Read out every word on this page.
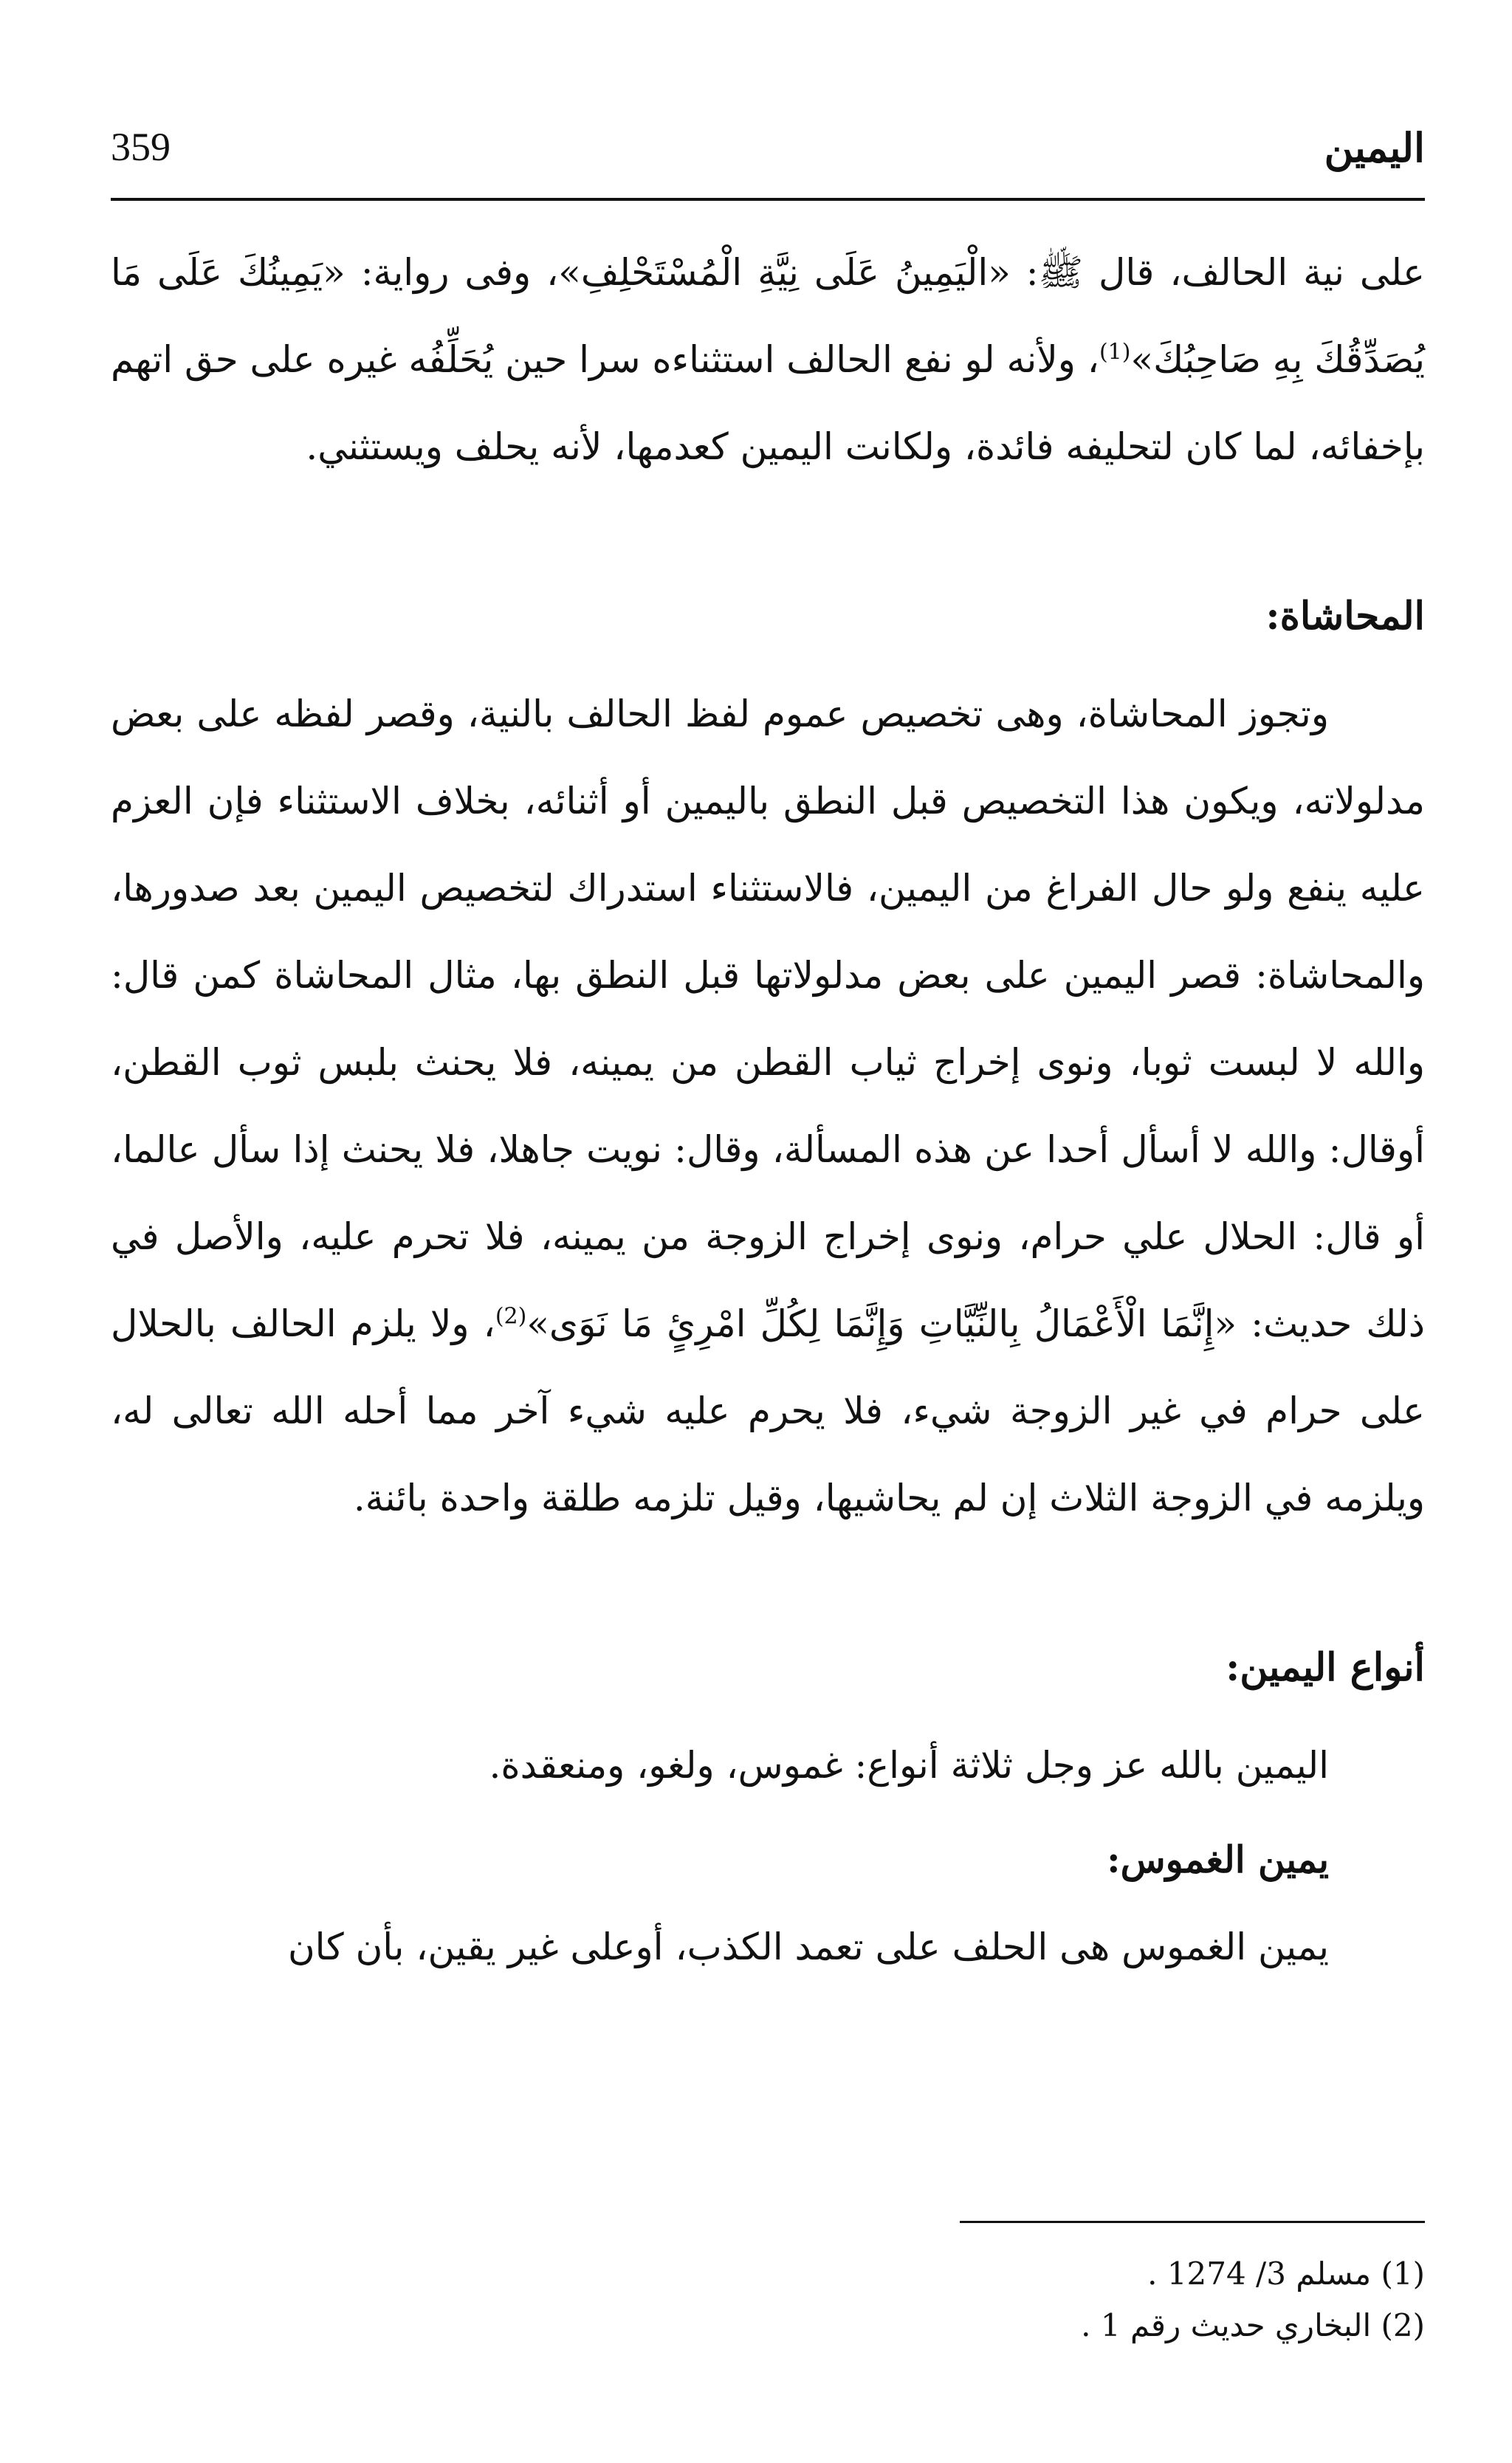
359	اليمين

على نية الحالف، قال ﷺ: «الْيَمِينُ عَلَى نِيَّةِ الْمُسْتَحْلِفِ»، وفى رواية: «يَمِينُكَ عَلَى مَا يُصَدِّقُكَ بِهِ صَاحِبُكَ»$^{(1)}$، ولأنه لو نفع الحالف استثناءه سرا حين يُحَلِّفُه غيره على حق اتهم بإخفائه، لما كان لتحليفه فائدة، ولكانت اليمين كعدمها، لأنه يحلف ويستثني.

المحاشاة:

وتجوز المحاشاة، وهى تخصيص عموم لفظ الحالف بالنية، وقصر لفظه على بعض مدلولاته، ويكون هذا التخصيص قبل النطق باليمين أو أثنائه، بخلاف الاستثناء فإن العزم عليه ينفع ولو حال الفراغ من اليمين، فالاستثناء استدراك لتخصيص اليمين بعد صدورها، والمحاشاة: قصر اليمين على بعض مدلولاتها قبل النطق بها، مثال المحاشاة كمن قال: والله لا لبست ثوبا، ونوى إخراج ثياب القطن من يمينه، فلا يحنث بلبس ثوب القطن، أوقال: والله لا أسأل أحدا عن هذه المسألة، وقال: نويت جاهلا، فلا يحنث إذا سأل عالما، أو قال: الحلال علي حرام، ونوى إخراج الزوجة من يمينه، فلا تحرم عليه، والأصل في ذلك حديث: «إِنَّمَا الْأَعْمَالُ بِالنِّيَّاتِ وَإِنَّمَا لِكُلِّ امْرِئٍ مَا نَوَى»$^{(2)}$، ولا يلزم الحالف بالحلال على حرام في غير الزوجة شيء، فلا يحرم عليه شيء آخر مما أحله الله تعالى له، ويلزمه في الزوجة الثلاث إن لم يحاشيها، وقيل تلزمه طلقة واحدة بائنة.

أنواع اليمين:

اليمين بالله عز وجل ثلاثة أنواع: غموس، ولغو، ومنعقدة.

يمين الغموس:

يمين الغموس هى الحلف على تعمد الكذب، أوعلى غير يقين، بأن كان

(1) مسلم 3/ 1274 .

(2) البخاري حديث رقم 1 .
